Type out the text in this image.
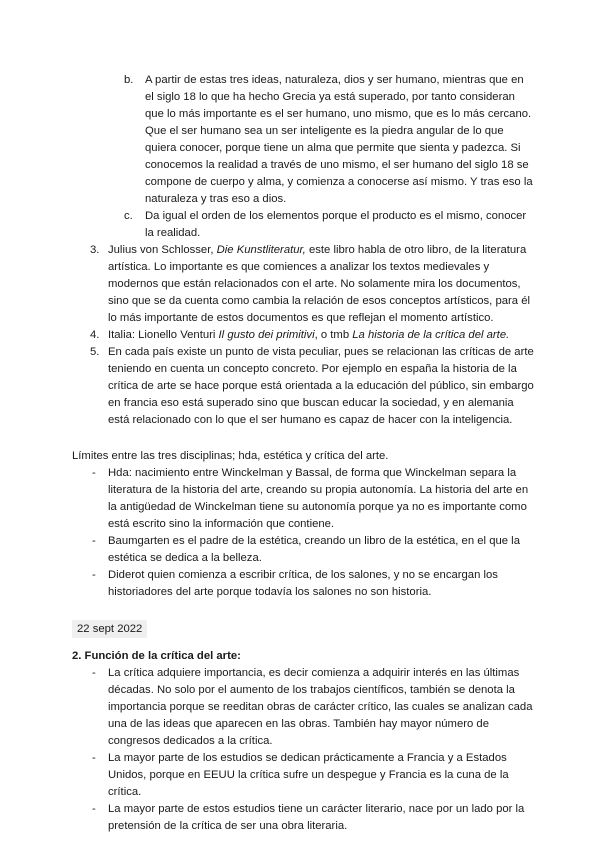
b. A partir de estas tres ideas, naturaleza, dios y ser humano, mientras que en
el siglo 18 lo que ha hecho Grecia ya está superado, por tanto consideran
que lo más importante es el ser humano, uno mismo, que es lo más cercano.
Que el ser humano sea un ser inteligente es la piedra angular de lo que
quiera conocer, porque tiene un alma que permite que sienta y padezca. Si
conocemos la realidad a través de uno mismo, el ser humano del siglo 18 se
compone de cuerpo y alma, y comienza a conocerse así mismo. Y tras eso la
naturaleza y tras eso a dios.
c. Da igual el orden de los elementos porque el producto es el mismo, conocer
la realidad.
3. Julius von Schlosser, Die Kunstliteratur, este libro habla de otro libro, de la literatura
artística. Lo importante es que comiences a analizar los textos medievales y
modernos que están relacionados con el arte. No solamente mira los documentos,
sino que se da cuenta como cambia la relación de esos conceptos artísticos, para él
lo más importante de estos documentos es que reflejan el momento artístico.
4. Italia: Lionello Venturi Il gusto dei primitivi, o tmb La historia de la crítica del arte.
5. En cada país existe un punto de vista peculiar, pues se relacionan las críticas de arte
teniendo en cuenta un concepto concreto. Por ejemplo en españa la historia de la
crítica de arte se hace porque está orientada a la educación del público, sin embargo
en francia eso está superado sino que buscan educar la sociedad, y en alemania
está relacionado con lo que el ser humano es capaz de hacer con la inteligencia.
Límites entre las tres disciplinas; hda, estética y crítica del arte.
- Hda: nacimiento entre Winckelman y Bassal, de forma que Winckelman separa la
literatura de la historia del arte, creando su propia autonomía. La historia del arte en
la antigüedad de Winckelman tiene su autonomía porque ya no es importante como
está escrito sino la información que contiene.
- Baumgarten es el padre de la estética, creando un libro de la estética, en el que la
estética se dedica a la belleza.
- Diderot quien comienza a escribir crítica, de los salones, y no se encargan los
historiadores del arte porque todavía los salones no son historia.
22 sept 2022
2. Función de la crítica del arte:
- La crítica adquiere importancia, es decir comienza a adquirir interés en las últimas
décadas. No solo por el aumento de los trabajos científicos, también se denota la
importancia porque se reeditan obras de carácter crítico, las cuales se analizan cada
una de las ideas que aparecen en las obras. También hay mayor número de
congresos dedicados a la crítica.
- La mayor parte de los estudios se dedican prácticamente a Francia y a Estados
Unidos, porque en EEUU la crítica sufre un despegue y Francia es la cuna de la
crítica.
- La mayor parte de estos estudios tiene un carácter literario, nace por un lado por la
pretensión de la crítica de ser una obra literaria.
